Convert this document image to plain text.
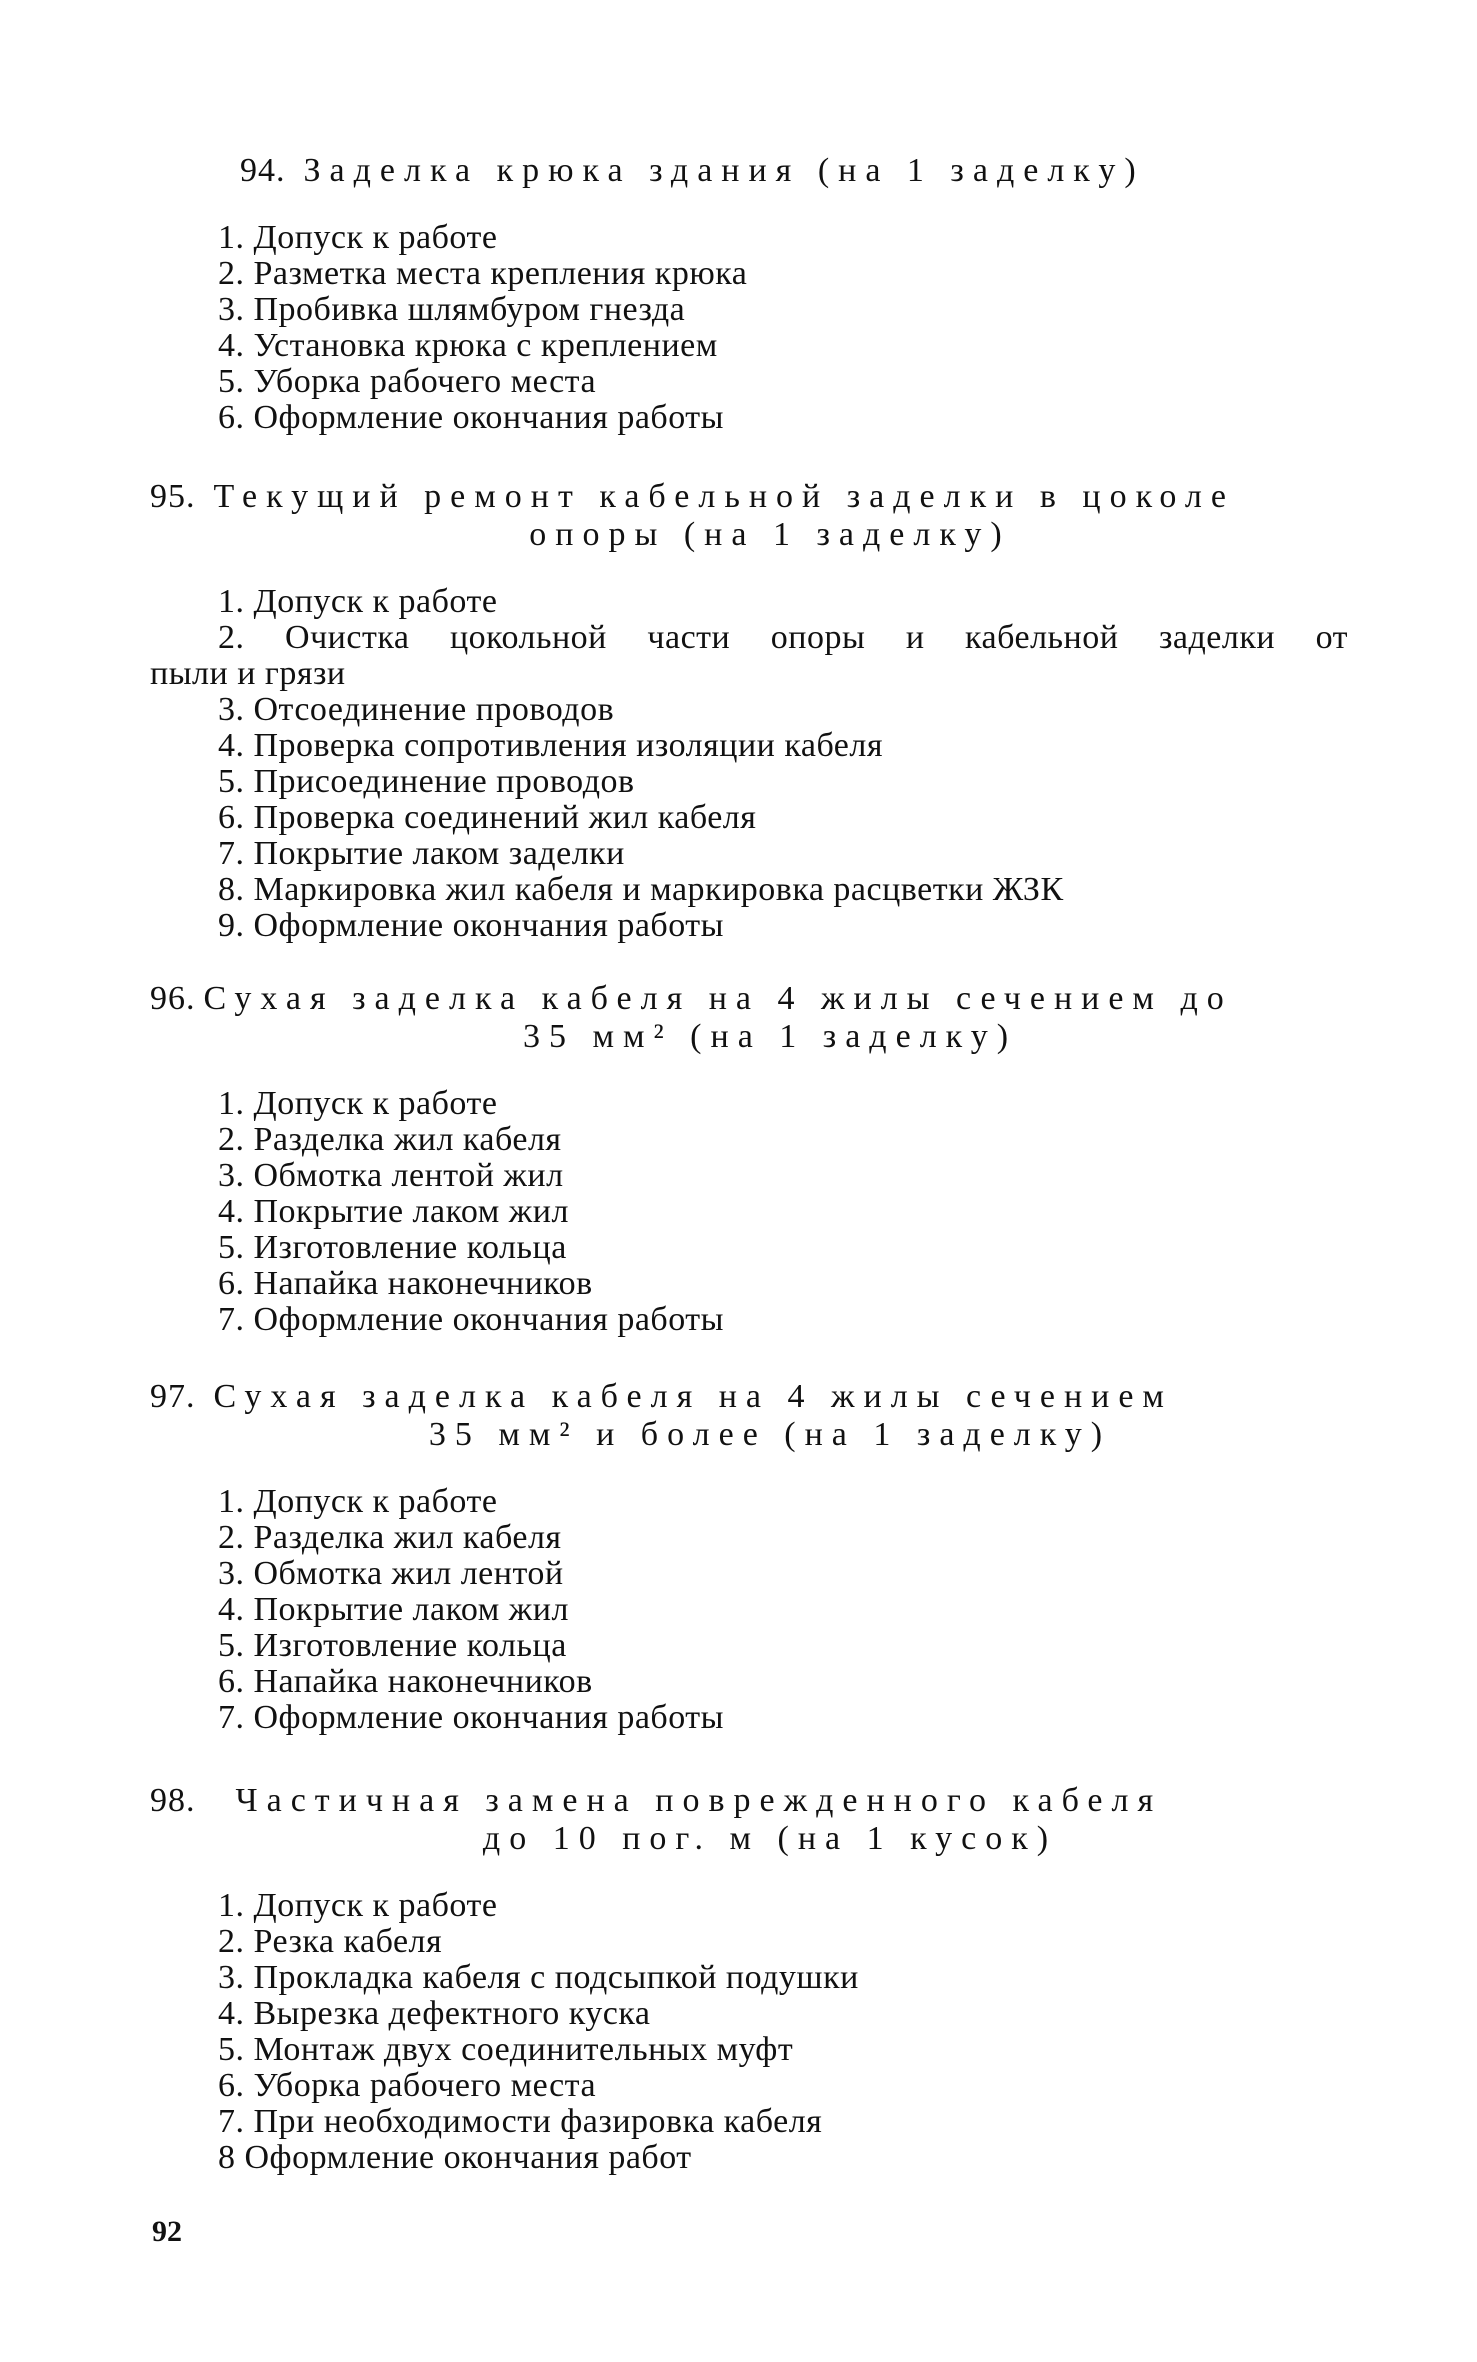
94. Заделка крюка здания (на 1 заделку)
1. Допуск к работе
2. Разметка места крепления крюка
3. Пробивка шлямбуром гнезда
4. Установка крюка с креплением
5. Уборка рабочего места
6. Оформление окончания работы
95. Текущий ремонт кабельной заделки в цоколе
опоры (на 1 заделку)
1. Допуск к работе
2. Очистка цокольной части опоры и кабельной заделки от
пыли и грязи
3. Отсоединение проводов
4. Проверка сопротивления изоляции кабеля
5. Присоединение проводов
6. Проверка соединений жил кабеля
7. Покрытие лаком заделки
8. Маркировка жил кабеля и маркировка расцветки ЖЗК
9. Оформление окончания работы
96. Сухая заделка кабеля на 4 жилы сечением до
35 мм² (на 1 заделку)
1. Допуск к работе
2. Разделка жил кабеля
3. Обмотка лентой жил
4. Покрытие лаком жил
5. Изготовление кольца
6. Напайка наконечников
7. Оформление окончания работы
97. Сухая заделка кабеля на 4 жилы сечением
35 мм² и более (на 1 заделку)
1. Допуск к работе
2. Разделка жил кабеля
3. Обмотка жил лентой
4. Покрытие лаком жил
5. Изготовление кольца
6. Напайка наконечников
7. Оформление окончания работы
98. Частичная замена поврежденного кабеля
до 10 пог. м (на 1 кусок)
1. Допуск к работе
2. Резка кабеля
3. Прокладка кабеля с подсыпкой подушки
4. Вырезка дефектного куска
5. Монтаж двух соединительных муфт
6. Уборка рабочего места
7. При необходимости фазировка кабеля
8 Оформление окончания работ
92
